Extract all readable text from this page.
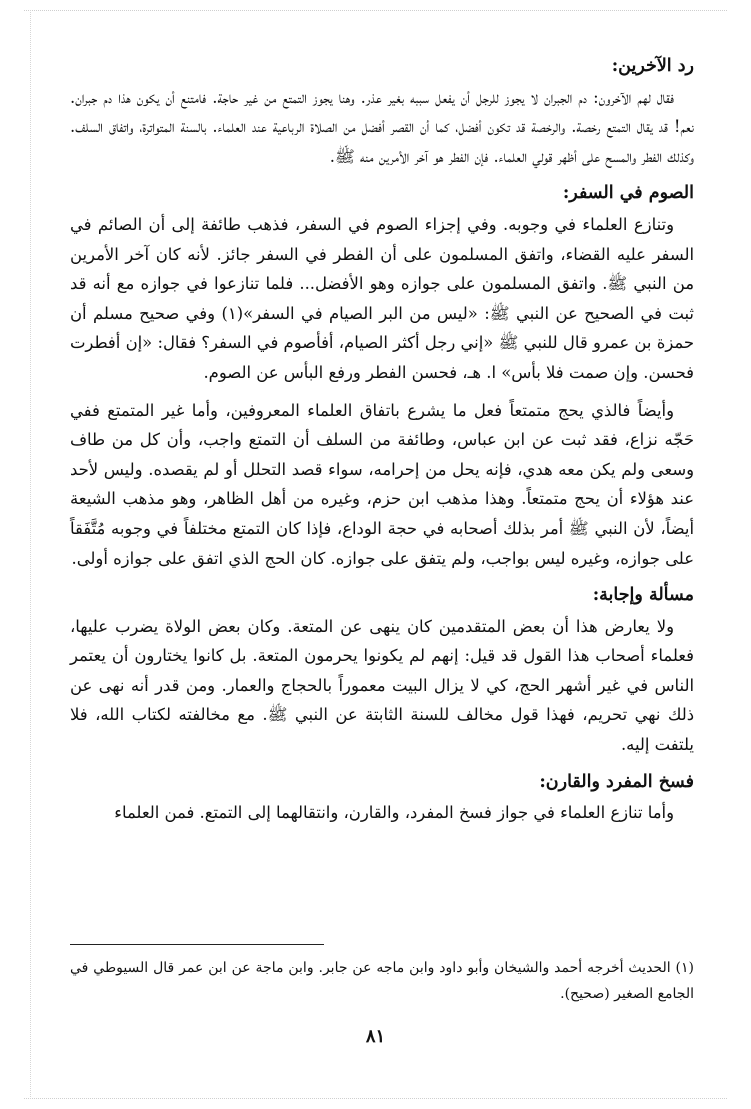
رد الآخرين:

فقال لهم الآخرون: دم الجبران لا يجوز للرجل أن يفعل سببه بغير عذر. وهنا يجوز التمتع من غير حاجة. فامتنع أن يكون هذا دم جبران. نعم! قد يقال التمتع رخصة. والرخصة قد تكون أفضل، كما أن القصر أفضل من الصلاة الرباعية عند العلماء. بالسنة المتواترة، واتفاق السلف. وكذلك الفطر والمسح على أظهر قولي العلماء. فإن الفطر هو آخر الأمرين منه ﷺ.

الصوم في السفر:

وتنازع العلماء في وجوبه. وفي إجزاء الصوم في السفر، فذهب طائفة إلى أن الصائم في السفر عليه القضاء، واتفق المسلمون على أن الفطر في السفر جائز. لأنه كان آخر الأمرين من النبي ﷺ. واتفق المسلمون على جوازه وهو الأفضل... فلما تنازعوا في جوازه مع أنه قد ثبت في الصحيح عن النبي ﷺ: «ليس من البر الصيام في السفر»(١) وفي صحيح مسلم أن حمزة بن عمرو قال للنبي ﷺ «إني رجل أكثر الصيام، أفأصوم في السفر؟ فقال: «إن أفطرت فحسن. وإن صمت فلا بأس» ا. هـ، فحسن الفطر ورفع البأس عن الصوم.

وأيضاً فالذي يحج متمتعاً فعل ما يشرع باتفاق العلماء المعروفين، وأما غير المتمتع ففي حَجّه نزاع، فقد ثبت عن ابن عباس، وطائفة من السلف أن التمتع واجب، وأن كل من طاف وسعى ولم يكن معه هدي، فإنه يحل من إحرامه، سواء قصد التحلل أو لم يقصده. وليس لأحد عند هؤلاء أن يحج متمتعاً. وهذا مذهب ابن حزم، وغيره من أهل الظاهر، وهو مذهب الشيعة أيضاً، لأن النبي ﷺ أمر بذلك أصحابه في حجة الوداع، فإذا كان التمتع مختلفاً في وجوبه مُتَّفَقاً على جوازه، وغيره ليس بواجب، ولم يتفق على جوازه. كان الحج الذي اتفق على جوازه أولى.

مسألة وإجابة:

ولا يعارض هذا أن بعض المتقدمين كان ينهى عن المتعة. وكان بعض الولاة يضرب عليها، فعلماء أصحاب هذا القول قد قيل: إنهم لم يكونوا يحرمون المتعة. بل كانوا يختارون أن يعتمر الناس في غير أشهر الحج، كي لا يزال البيت معموراً بالحجاج والعمار. ومن قدر أنه نهى عن ذلك نهي تحريم، فهذا قول مخالف للسنة الثابتة عن النبي ﷺ. مع مخالفته لكتاب الله، فلا يلتفت إليه.

فسخ المفرد والقارن:

وأما تنازع العلماء في جواز فسخ المفرد، والقارن، وانتقالهما إلى التمتع. فمن العلماء

(١) الحديث أخرجه أحمد والشيخان وأبو داود وابن ماجه عن جابر. وابن ماجة عن ابن عمر قال السيوطي في الجامع الصغير (صحيح).

٨١
